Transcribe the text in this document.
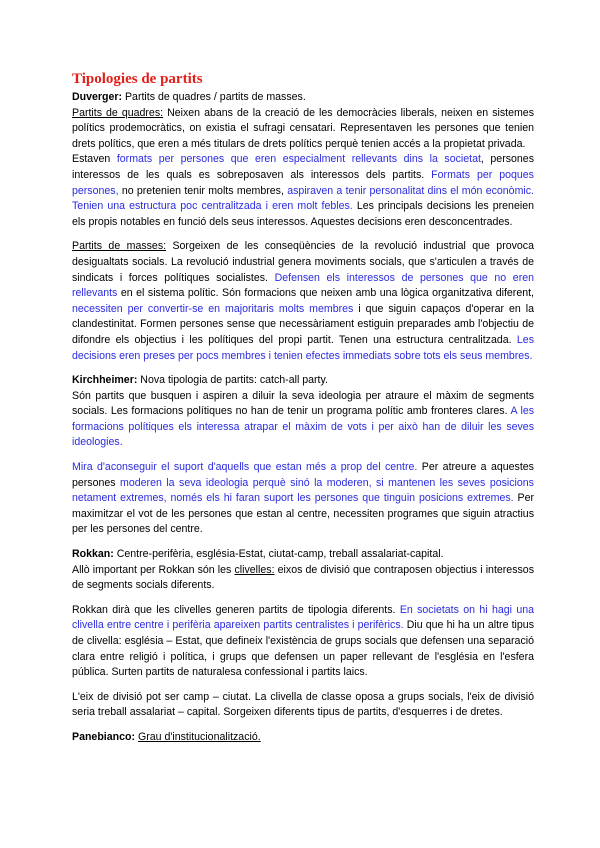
Tipologies de partits

Duverger: Partits de quadres / partits de masses.

Partits de quadres: Neixen abans de la creació de les democràcies liberals, neixen en sistemes polítics prodemocràtics, on existia el sufragi censatari. Representaven les persones que tenien drets polítics, que eren a més titulars de drets polítics perquè tenien accés a la propietat privada.

Estaven formats per persones que eren especialment rellevants dins la societat, persones interessos de les quals es sobreposaven als interessos dels partits. Formats per poques persones, no pretenien tenir molts membres, aspiraven a tenir personalitat dins el món econòmic. Tenien una estructura poc centralitzada i eren molt febles. Les principals decisions les preneien els propis notables en funció dels seus interessos. Aquestes decisions eren desconcentrades.

Partits de masses: Sorgeixen de les conseqüències de la revolució industrial que provoca desigualtats socials. La revolució industrial genera moviments socials, que s'articulen a través de sindicats i forces polítiques socialistes. Defensen els interessos de persones que no eren rellevants en el sistema polític. Són formacions que neixen amb una lògica organitzativa diferent, necessiten per convertir-se en majoritaris molts membres i que siguin capaços d'operar en la clandestinitat. Formen persones sense que necessàriament estiguin preparades amb l'objectiu de difondre els objectius i les polítiques del propi partit. Tenen una estructura centralitzada. Les decisions eren preses per pocs membres i tenien efectes immediats sobre tots els seus membres.

Kirchheimer: Nova tipologia de partits: catch-all party.

Són partits que busquen i aspiren a diluir la seva ideologia per atraure el màxim de segments socials. Les formacions polítiques no han de tenir un programa polític amb fronteres clares. A les formacions polítiques els interessa atrapar el màxim de vots i per això han de diluir les seves ideologies.

Mira d'aconseguir el suport d'aquells que estan més a prop del centre. Per atreure a aquestes persones moderen la seva ideologia perquè sinó la moderen, si mantenen les seves posicions netament extremes, només els hi faran suport les persones que tinguin posicions extremes. Per maximitzar el vot de les persones que estan al centre, necessiten programes que siguin atractius per les persones del centre.

Rokkan: Centre-perifèria, església-Estat, ciutat-camp, treball assalariat-capital.

Allò important per Rokkan són les clivelles: eixos de divisió que contraposen objectius i interessos de segments socials diferents.

Rokkan dirà que les clivelles generen partits de tipologia diferents. En societats on hi hagi una clivella entre centre i perifèria apareixen partits centralistes i perifèrics. Diu que hi ha un altre tipus de clivella: església – Estat, que defineix l'existència de grups socials que defensen una separació clara entre religió i política, i grups que defensen un paper rellevant de l'església en l'esfera pública. Surten partits de naturalesa confessional i partits laics.

L'eix de divisió pot ser camp – ciutat. La clivella de classe oposa a grups socials, l'eix de divisió seria treball assalariat – capital. Sorgeixen diferents tipus de partits, d'esquerres i de dretes.

Panebianco: Grau d'institucionalització.
